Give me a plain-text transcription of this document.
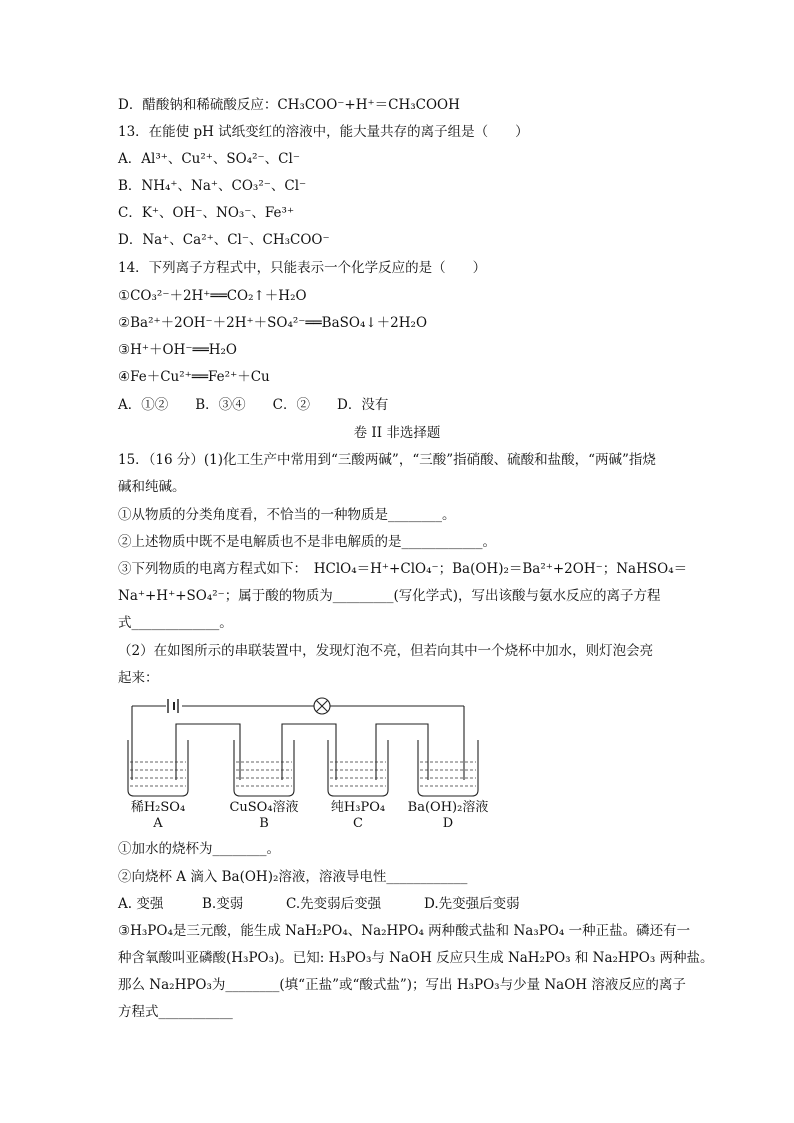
D．醋酸钠和稀硫酸反应：CH₃COO⁻+H⁺＝CH₃COOH
13．在能使 pH 试纸变红的溶液中，能大量共存的离子组是（　　）
A．Al³⁺、Cu²⁺、SO₄²⁻、Cl⁻
B．NH₄⁺、Na⁺、CO₃²⁻、Cl⁻
C．K⁺、OH⁻、NO₃⁻、Fe³⁺
D．Na⁺、Ca²⁺、Cl⁻、CH₃COO⁻
14．下列离子方程式中，只能表示一个化学反应的是（　　）
①CO₃²⁻＋2H⁺══CO₂↑＋H₂O
②Ba²⁺＋2OH⁻＋2H⁺＋SO₄²⁻══BaSO₄↓＋2H₂O
③H⁺＋OH⁻══H₂O
④Fe＋Cu²⁺══Fe²⁺＋Cu
A．①②　　B．③④　　C．②　　D．没有
卷 II 非选择题
15．（16 分）(1)化工生产中常用到“三酸两碱”，“三酸”指硝酸、硫酸和盐酸，“两碱”指烧
碱和纯碱。
①从物质的分类角度看，不恰当的一种物质是________。
②上述物质中既不是电解质也不是非电解质的是____________。
③下列物质的电离方程式如下：　HClO₄＝H⁺+ClO₄⁻；Ba(OH)₂＝Ba²⁺+2OH⁻；NaHSO₄＝
Na⁺+H⁺+SO₄²⁻；属于酸的物质为_________(写化学式)，写出该酸与氨水反应的离子方程
式_____________。
（2）在如图所示的串联装置中，发现灯泡不亮，但若向其中一个烧杯中加水，则灯泡会亮
起来：
稀H₂SO₄
A
CuSO₄溶液
B
纯H₃PO₄
C
Ba(OH)₂溶液
D
①加水的烧杯为________。
②向烧杯 A 滴入 Ba(OH)₂溶液，溶液导电性____________
A. 变强	B.变弱	C.先变弱后变强	D.先变强后变弱
③H₃PO₄是三元酸，能生成 NaH₂PO₄、Na₂HPO₄ 两种酸式盐和 Na₃PO₄ 一种正盐。磷还有一
种含氧酸叫亚磷酸(H₃PO₃)。已知: H₃PO₃与 NaOH 反应只生成 NaH₂PO₃ 和 Na₂HPO₃ 两种盐。
那么 Na₂HPO₃为________(填“正盐”或“酸式盐”)；写出 H₃PO₃与少量 NaOH 溶液反应的离子
方程式___________
